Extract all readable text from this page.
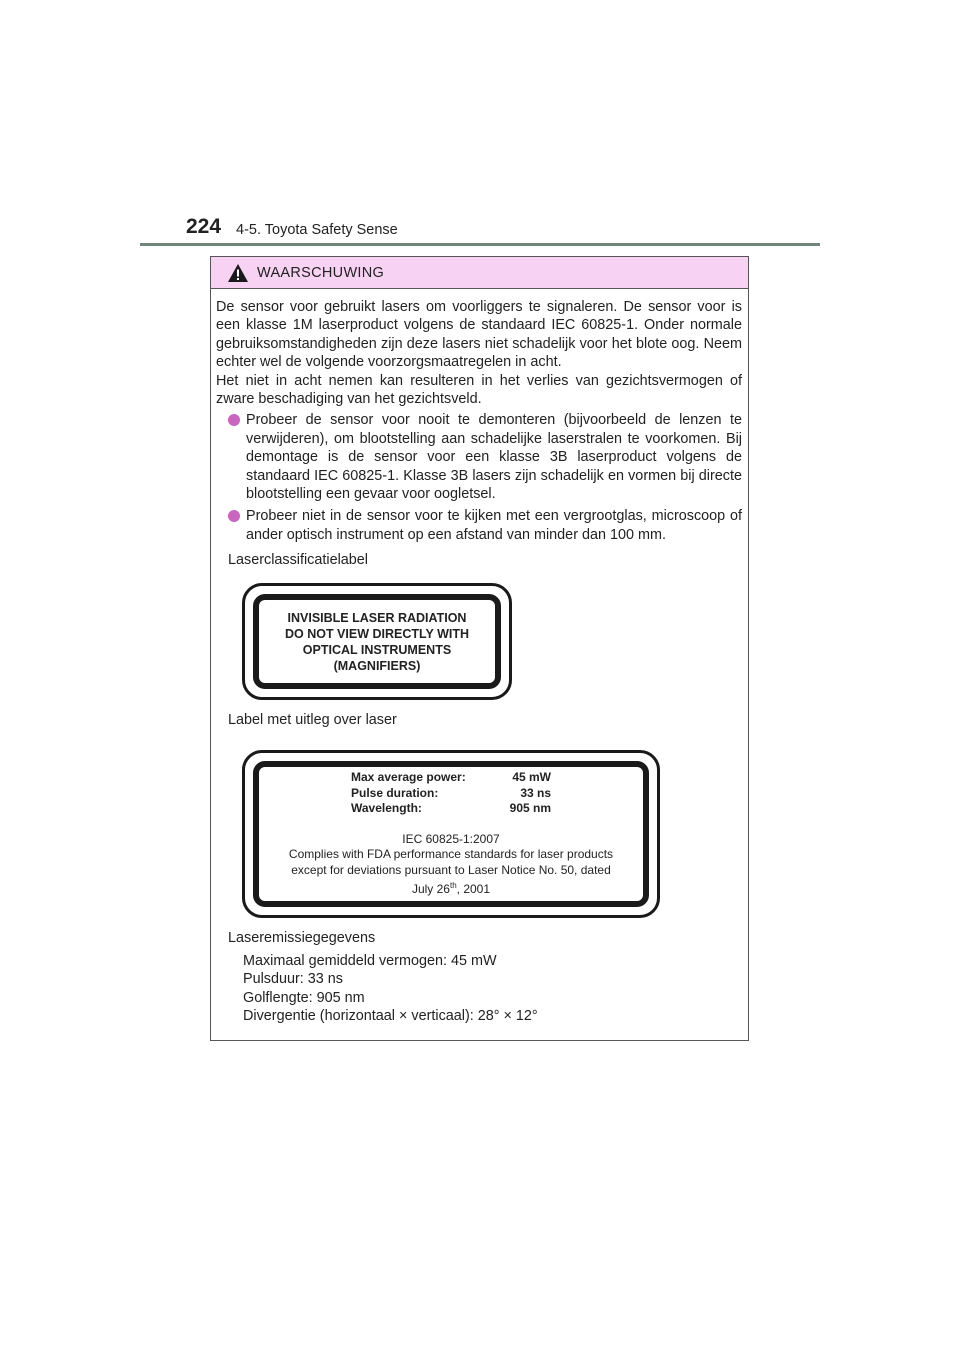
224 4-5. Toyota Safety Sense
WAARSCHUWING

De sensor voor gebruikt lasers om voorliggers te signaleren. De sensor voor is een klasse 1M laserproduct volgens de standaard IEC 60825-1. Onder normale gebruiksomstandigheden zijn deze lasers niet schadelijk voor het blote oog. Neem echter wel de volgende voorzorgsmaatregelen in acht.

Het niet in acht nemen kan resulteren in het verlies van gezichtsvermogen of zware beschadiging van het gezichtsveld.

Probeer de sensor voor nooit te demonteren (bijvoorbeeld de lenzen te verwijderen), om blootstelling aan schadelijke laserstralen te voorkomen. Bij demontage is de sensor voor een klasse 3B laserproduct volgens de standaard IEC 60825-1. Klasse 3B lasers zijn schadelijk en vormen bij directe blootstelling een gevaar voor oogletsel.
Probeer niet in de sensor voor te kijken met een vergrootglas, microscoop of ander optisch instrument op een afstand van minder dan 100 mm.

Laserclassificatielabel

INVISIBLE LASER RADIATION
DO NOT VIEW DIRECTLY WITH
OPTICAL INSTRUMENTS
(MAGNIFIERS)
Label met uitleg over laser
Max average power:	45 mW
Pulse duration:	33 ns
Wavelength:	905 nm
IEC 60825-1:2007
Complies with FDA performance standards for laser products
except for deviations pursuant to Laser Notice No. 50, dated
July 26th, 2001
Laseremissiegegevens
Maximaal gemiddeld vermogen: 45 mW
Pulsduur: 33 ns
Golflengte: 905 nm
Divergentie (horizontaal × verticaal): 28° × 12°
